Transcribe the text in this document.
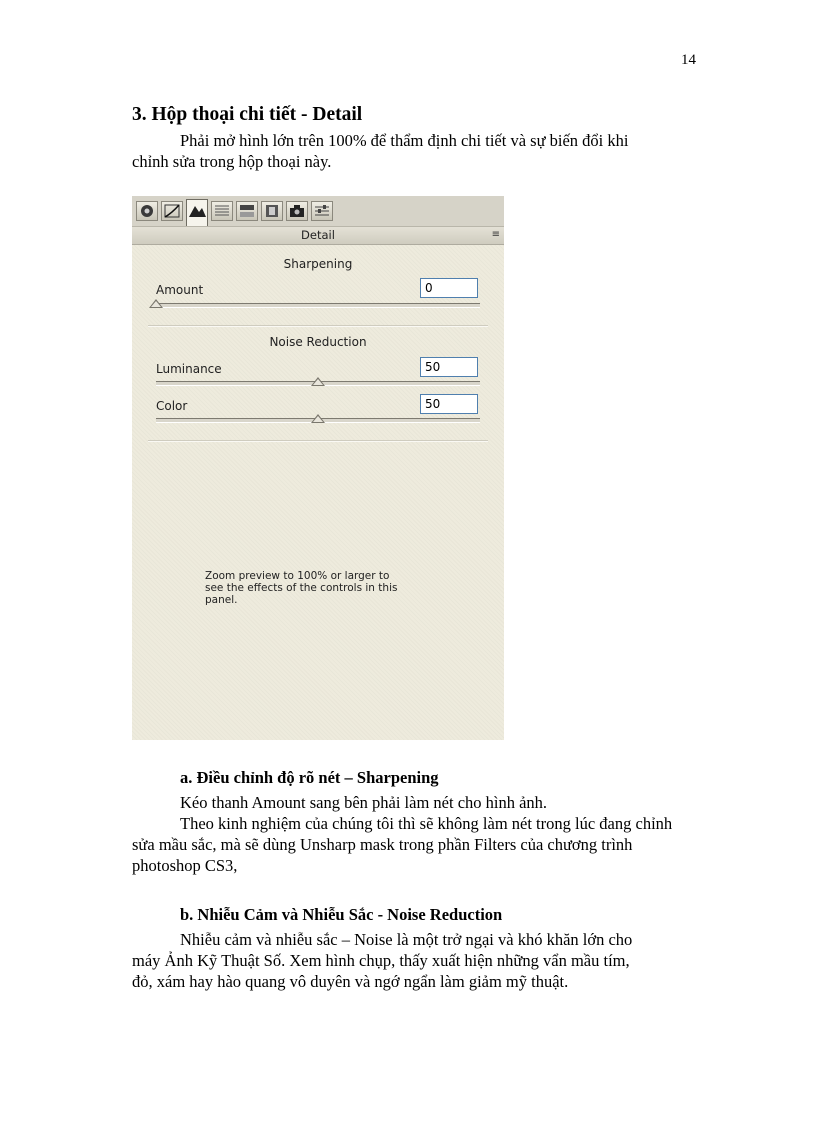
14
3. Hộp thoại chi tiết - Detail
Phải mở hình lớn trên 100% để thẩm định chi tiết và sự biến đổi khi
chỉnh sửa trong hộp thoại này.
Detail	≡
Sharpening
Amount	0
Noise Reduction
Luminance	50
Color	50
Zoom preview to 100% or larger to
see the effects of the controls in this
panel.
a. Điều chỉnh độ rõ nét – Sharpening
Kéo thanh Amount sang bên phải làm nét cho hình ảnh.
Theo kinh nghiệm của chúng tôi thì sẽ không làm nét trong lúc đang chỉnh
sửa mầu sắc, mà sẽ dùng Unsharp mask trong phần Filters của chương trình
photoshop CS3,
b. Nhiễu Cảm và Nhiễu Sắc - Noise Reduction
Nhiễu cảm và nhiễu sắc – Noise là một trở ngại và khó khăn lớn cho
máy Ảnh Kỹ Thuật Số. Xem hình chụp, thấy xuất hiện những vẩn mầu tím,
đỏ, xám hay hào quang vô duyên và ngớ ngẩn làm giảm mỹ thuật.
